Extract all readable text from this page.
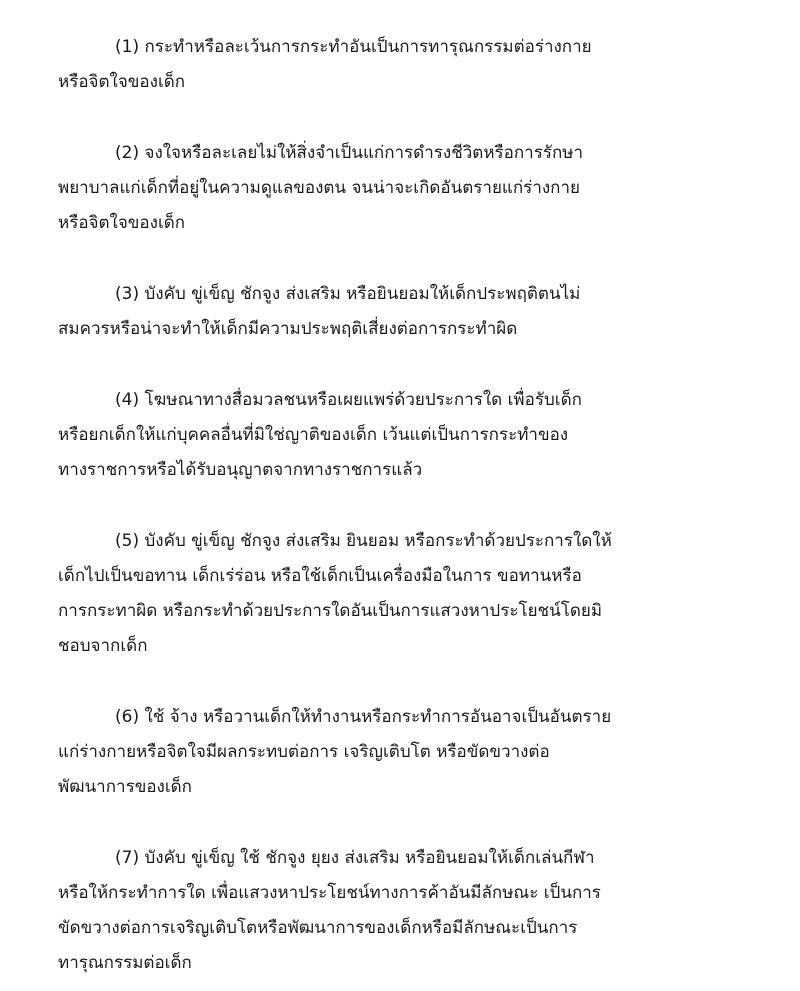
(1) กระทำหรือละเว้นการกระทำอันเป็นการทารุณกรรมต่อร่างกาย
หรือจิตใจของเด็ก
(2) จงใจหรือละเลยไม่ให้สิ่งจำเป็นแก่การดำรงชีวิตหรือการรักษา
พยาบาลแก่เด็กที่อยู่ในความดูแลของตน จนน่าจะเกิดอันตรายแก่ร่างกาย
หรือจิตใจของเด็ก
(3) บังคับ ขู่เข็ญ ชักจูง ส่งเสริม หรือยินยอมให้เด็กประพฤติตนไม่
สมควรหรือน่าจะทำให้เด็กมีความประพฤติเสี่ยงต่อการกระทำผิด
(4) โฆษณาทางสื่อมวลชนหรือเผยแพร่ด้วยประการใด เพื่อรับเด็ก
หรือยกเด็กให้แก่บุคคลอื่นที่มิใช่ญาติของเด็ก เว้นแต่เป็นการกระทำของ
ทางราชการหรือได้รับอนุญาตจากทางราชการแล้ว
(5) บังคับ ขู่เข็ญ ชักจูง ส่งเสริม ยินยอม หรือกระทำด้วยประการใดให้
เด็กไปเป็นขอทาน เด็กเร่ร่อน หรือใช้เด็กเป็นเครื่องมือในการ ขอทานหรือ
การกระทาผิด หรือกระทำด้วยประการใดอันเป็นการแสวงหาประโยชน์โดยมิ
ชอบจากเด็ก
(6) ใช้ จ้าง หรือวานเด็กให้ทำงานหรือกระทำการอันอาจเป็นอันตราย
แก่ร่างกายหรือจิตใจมีผลกระทบต่อการ เจริญเติบโต หรือขัดขวางต่อ
พัฒนาการของเด็ก
(7) บังคับ ขู่เข็ญ ใช้ ชักจูง ยุยง ส่งเสริม หรือยินยอมให้เด็กเล่นกีฬา
หรือให้กระทำการใด เพื่อแสวงหาประโยชน์ทางการค้าอันมีลักษณะ เป็นการ
ขัดขวางต่อการเจริญเติบโตหรือพัฒนาการของเด็กหรือมีลักษณะเป็นการ
ทารุณกรรมต่อเด็ก
